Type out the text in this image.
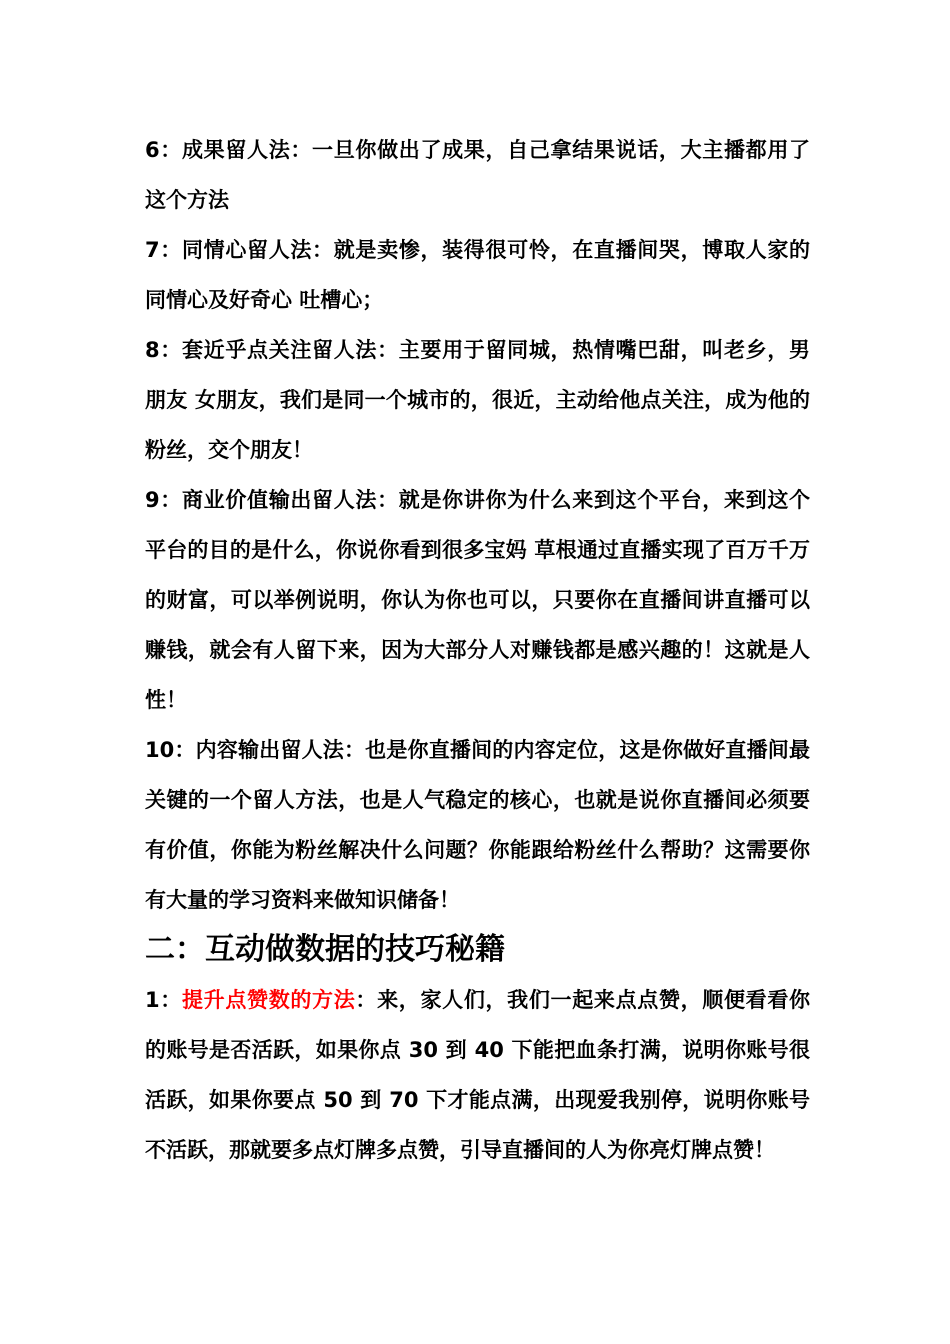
6：成果留人法：一旦你做出了成果，自己拿结果说话，大主播都用了这个方法

7：同情心留人法：就是卖惨，装得很可怜，在直播间哭，博取人家的同情心及好奇心 吐槽心；

8：套近乎点关注留人法：主要用于留同城，热情嘴巴甜，叫老乡，男朋友 女朋友，我们是同一个城市的，很近，主动给他点关注，成为他的粉丝，交个朋友！

9：商业价值输出留人法：就是你讲你为什么来到这个平台，来到这个平台的目的是什么，你说你看到很多宝妈 草根通过直播实现了百万千万的财富，可以举例说明，你认为你也可以，只要你在直播间讲直播可以赚钱，就会有人留下来，因为大部分人对赚钱都是感兴趣的！这就是人性！

10：内容输出留人法：也是你直播间的内容定位，这是你做好直播间最关键的一个留人方法，也是人气稳定的核心，也就是说你直播间必须要有价值，你能为粉丝解决什么问题？你能跟给粉丝什么帮助？这需要你有大量的学习资料来做知识储备！

二：互动做数据的技巧秘籍

1：提升点赞数的方法：来，家人们，我们一起来点点赞，顺便看看你的账号是否活跃，如果你点 30 到 40 下能把血条打满，说明你账号很活跃，如果你要点 50 到 70 下才能点满，出现爱我别停，说明你账号不活跃，那就要多点灯牌多点赞，引导直播间的人为你亮灯牌点赞！
